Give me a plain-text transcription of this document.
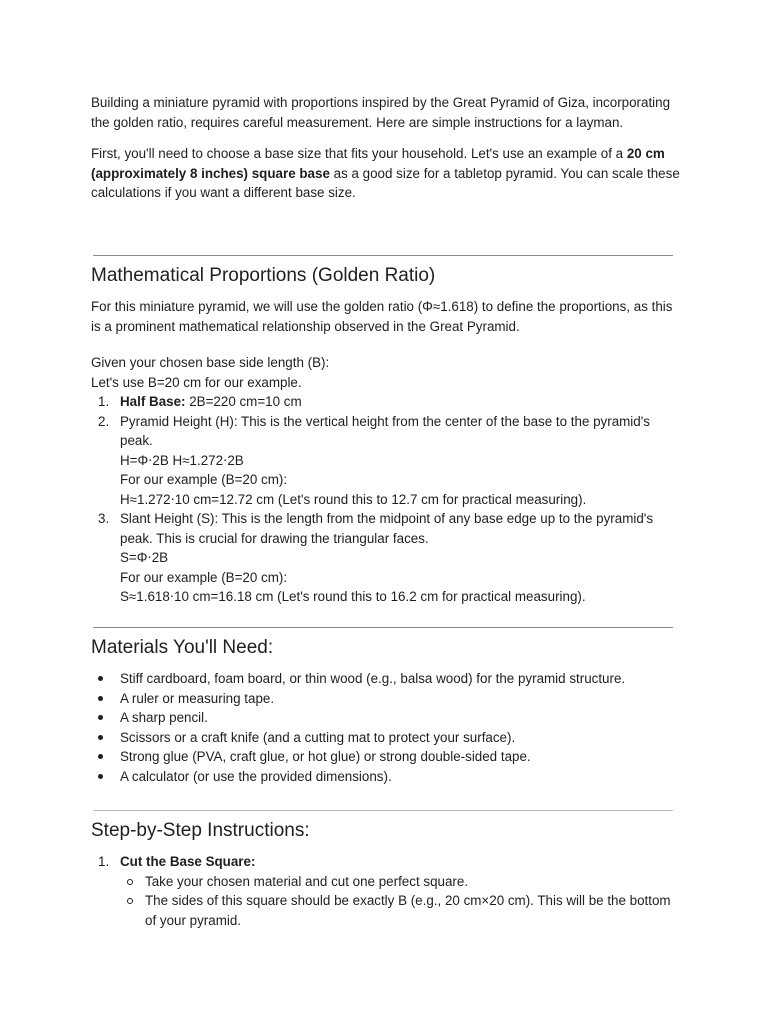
Building a miniature pyramid with proportions inspired by the Great Pyramid of Giza, incorporating the golden ratio, requires careful measurement. Here are simple instructions for a layman.

First, you'll need to choose a base size that fits your household. Let's use an example of a 20 cm (approximately 8 inches) square base as a good size for a tabletop pyramid. You can scale these calculations if you want a different base size.

Mathematical Proportions (Golden Ratio)

For this miniature pyramid, we will use the golden ratio (Φ≈1.618) to define the proportions, as this is a prominent mathematical relationship observed in the Great Pyramid.

Given your chosen base side length (B):

Let's use B=20 cm for our example.

1. Half Base: 2B=220 cm=10 cm
2. Pyramid Height (H): This is the vertical height from the center of the base to the pyramid's peak.
H=Φ⋅2B H≈1.272⋅2B
For our example (B=20 cm):
H≈1.272⋅10 cm=12.72 cm (Let's round this to 12.7 cm for practical measuring).
3. Slant Height (S): This is the length from the midpoint of any base edge up to the pyramid's peak. This is crucial for drawing the triangular faces.
S=Φ⋅2B
For our example (B=20 cm):
S≈1.618⋅10 cm=16.18 cm (Let's round this to 16.2 cm for practical measuring).
Materials You'll Need:
Stiff cardboard, foam board, or thin wood (e.g., balsa wood) for the pyramid structure.
A ruler or measuring tape.
A sharp pencil.
Scissors or a craft knife (and a cutting mat to protect your surface).
Strong glue (PVA, craft glue, or hot glue) or strong double-sided tape.
A calculator (or use the provided dimensions).
Step-by-Step Instructions:
1. Cut the Base Square:
Take your chosen material and cut one perfect square.
The sides of this square should be exactly B (e.g., 20 cm×20 cm). This will be the bottom of your pyramid.
